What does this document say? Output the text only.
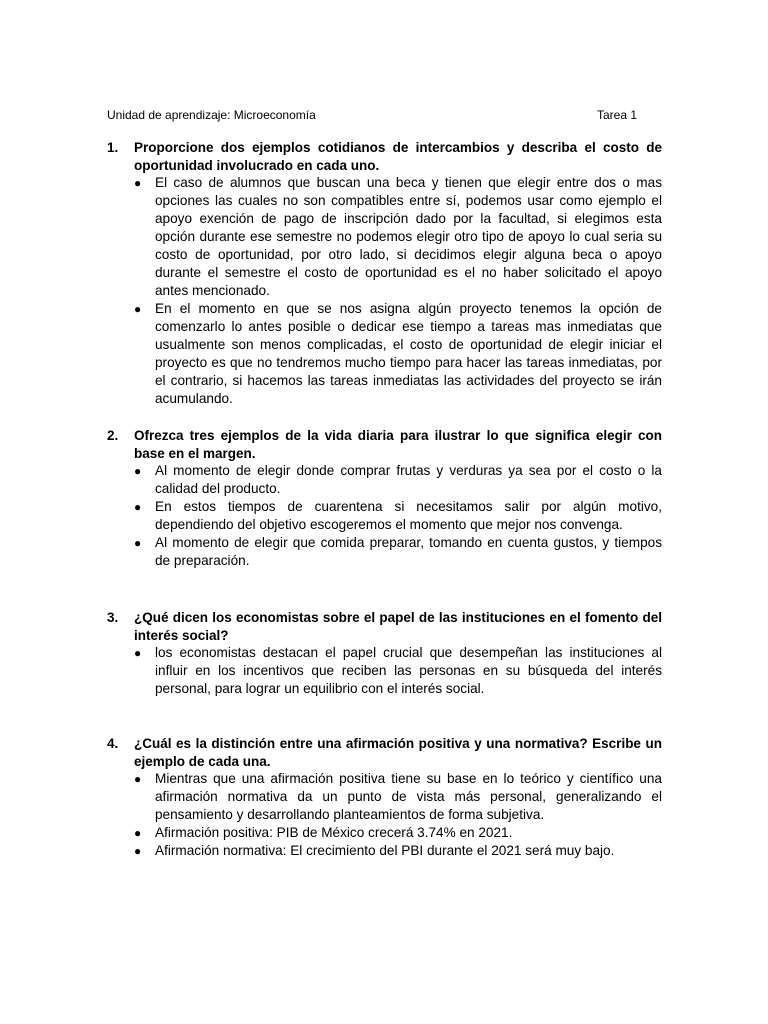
Unidad de aprendizaje: Microeconomía	Tarea 1
1. Proporcione dos ejemplos cotidianos de intercambios y describa el costo de oportunidad involucrado en cada uno.
● El caso de alumnos que buscan una beca y tienen que elegir entre dos o mas opciones las cuales no son compatibles entre sí, podemos usar como ejemplo el apoyo exención de pago de inscripción dado por la facultad, si elegimos esta opción durante ese semestre no podemos elegir otro tipo de apoyo lo cual seria su costo de oportunidad, por otro lado, si decidimos elegir alguna beca o apoyo durante el semestre el costo de oportunidad es el no haber solicitado el apoyo antes mencionado.
● En el momento en que se nos asigna algún proyecto tenemos la opción de comenzarlo lo antes posible o dedicar ese tiempo a tareas mas inmediatas que usualmente son menos complicadas, el costo de oportunidad de elegir iniciar el proyecto es que no tendremos mucho tiempo para hacer las tareas inmediatas, por el contrario, si hacemos las tareas inmediatas las actividades del proyecto se irán acumulando.
2. Ofrezca tres ejemplos de la vida diaria para ilustrar lo que significa elegir con base en el margen.
● Al momento de elegir donde comprar frutas y verduras ya sea por el costo o la calidad del producto.
● En estos tiempos de cuarentena si necesitamos salir por algún motivo, dependiendo del objetivo escogeremos el momento que mejor nos convenga.
● Al momento de elegir que comida preparar, tomando en cuenta gustos, y tiempos de preparación.
3. ¿Qué dicen los economistas sobre el papel de las instituciones en el fomento del interés social?
● los economistas destacan el papel crucial que desempeñan las instituciones al influir en los incentivos que reciben las personas en su búsqueda del interés personal, para lograr un equilibrio con el interés social.
4. ¿Cuál es la distinción entre una afirmación positiva y una normativa? Escribe un ejemplo de cada una.
● Mientras que una afirmación positiva tiene su base en lo teórico y científico una afirmación normativa da un punto de vista más personal, generalizando el pensamiento y desarrollando planteamientos de forma subjetiva.
● Afirmación positiva: PIB de México crecerá 3.74% en 2021.
● Afirmación normativa: El crecimiento del PBI durante el 2021 será muy bajo.
